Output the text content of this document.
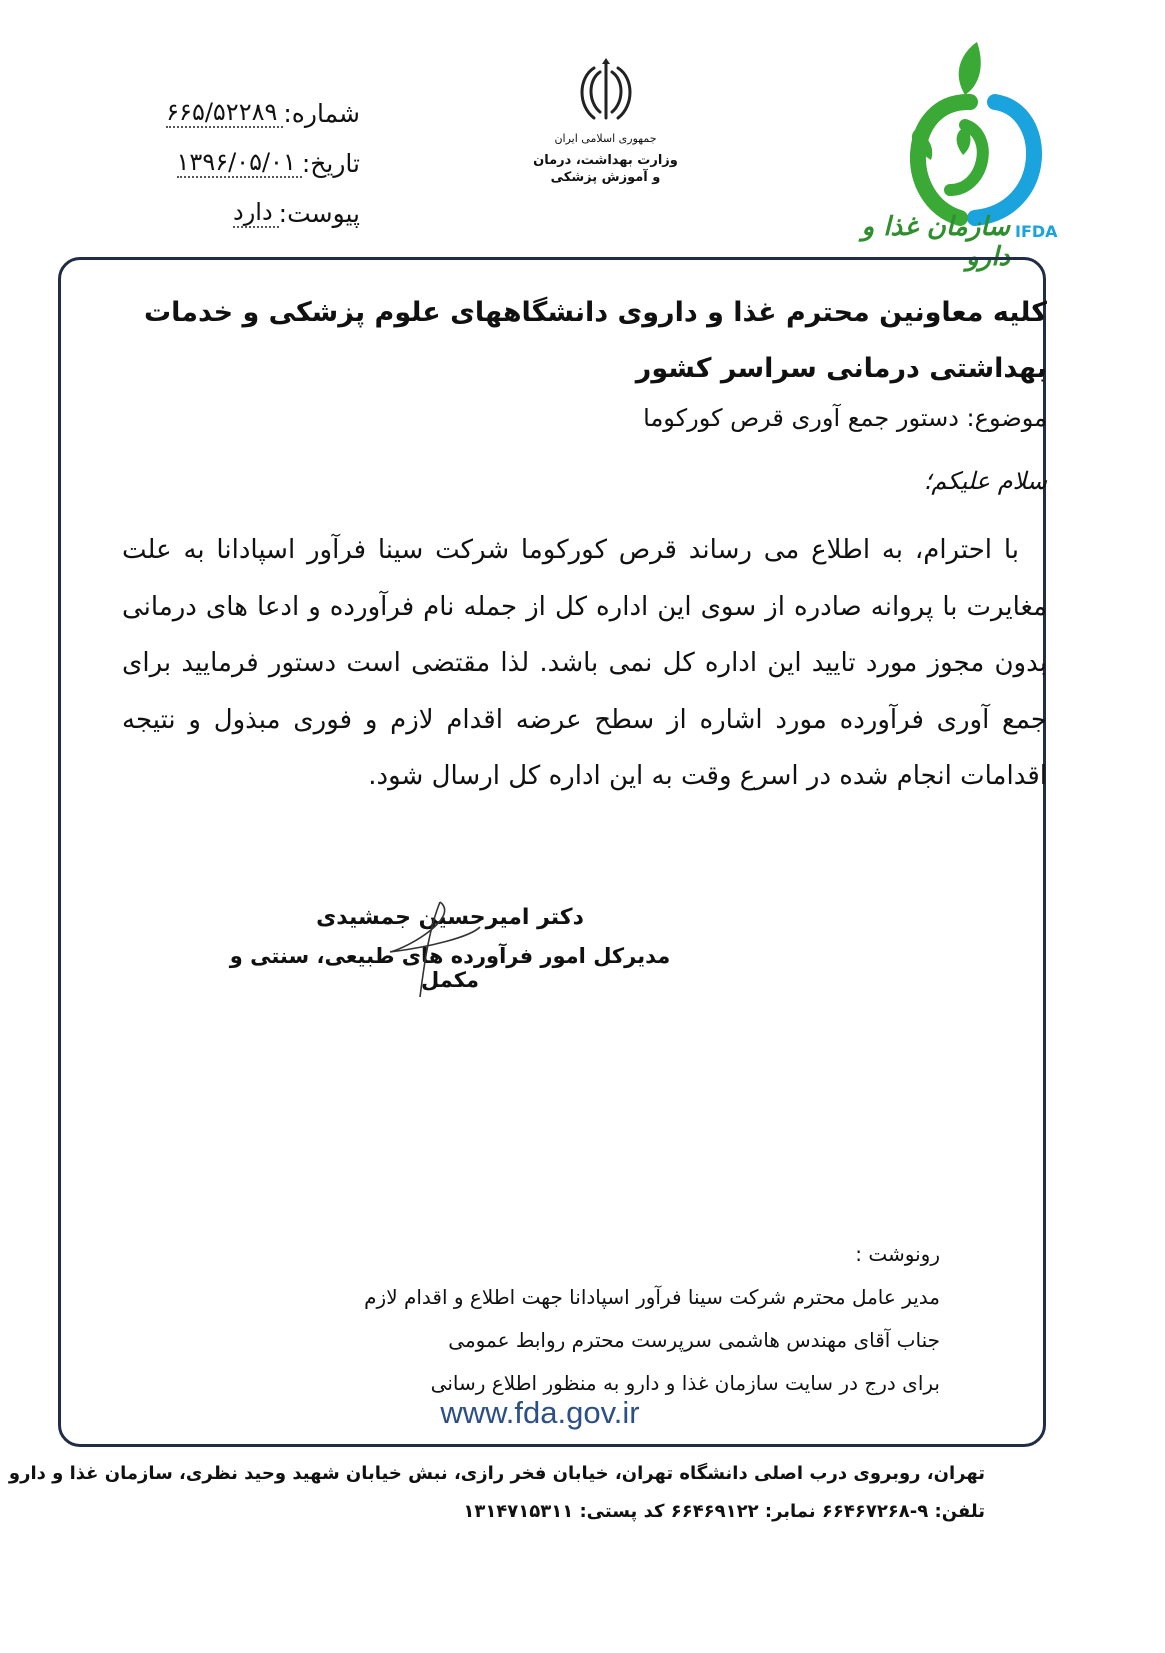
شماره:
۶۶۵/۵۲۲۸۹
تاریخ:
۱۳۹۶/۰۵/۰۱
پیوست:
دارد
جمهوری اسلامی ایران
وزارت بهداشت، درمان
و آموزش پزشکی
سازمان غذا و دارو
IFDA
کلیه معاونین محترم غذا و داروی دانشگاههای علوم پزشکی و خدمات بهداشتی درمانی سراسر کشور
موضوع: دستور جمع آوری قرص کورکوما
سلام علیکم؛
با احترام، به اطلاع می رساند قرص کورکوما شرکت سینا فرآور اسپادانا به علت مغایرت با پروانه صادره از سوی این اداره کل از جمله نام فرآورده و ادعا های درمانی بدون مجوز مورد تایید این اداره کل نمی باشد. لذا مقتضی است دستور فرمایید برای جمع آوری فرآورده مورد اشاره از سطح عرضه اقدام لازم و فوری مبذول و نتیجه اقدامات انجام شده در اسرع وقت به این اداره کل ارسال شود.
دکتر امیرحسین جمشیدی
مدیرکل امور فرآورده های طبیعی، سنتی و مکمل
رونوشت :
مدیر عامل محترم شرکت سینا فرآور اسپادانا جهت اطلاع و اقدام لازم
جناب آقای مهندس هاشمی سرپرست محترم روابط عمومی
برای درج در سایت سازمان غذا و دارو به منظور اطلاع رسانی
www.fda.gov.ir
تهران، روبروی درب اصلی دانشگاه تهران، خیابان فخر رازی، نبش خیابان شهید وحید نظری، سازمان غذا و دارو
تلفن: ۹-۶۶۴۶۷۲۶۸ نمابر: ۶۶۴۶۹۱۲۲ کد پستی: ۱۳۱۴۷۱۵۳۱۱
